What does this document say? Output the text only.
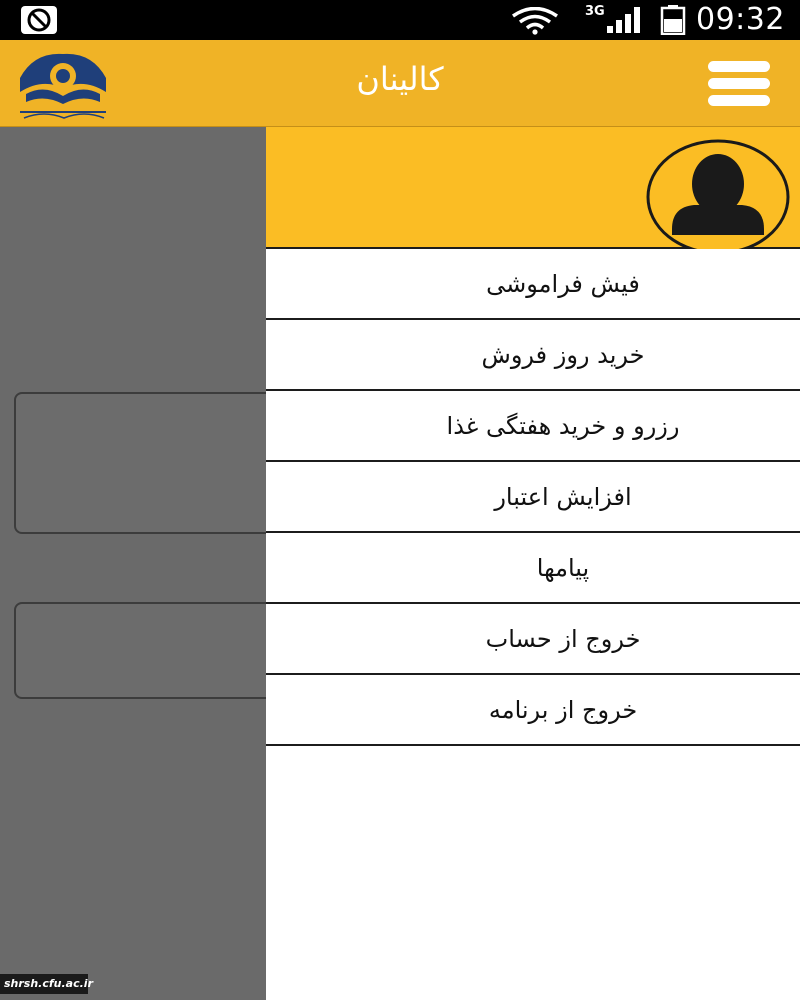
3G	09:32
کالینان
shrsh.cfu.ac.ir
فیش فراموشی
خرید روز فروش
رزرو و خرید هفتگی غذا
افزایش اعتبار
پیامها
خروج از حساب
خروج از برنامه
